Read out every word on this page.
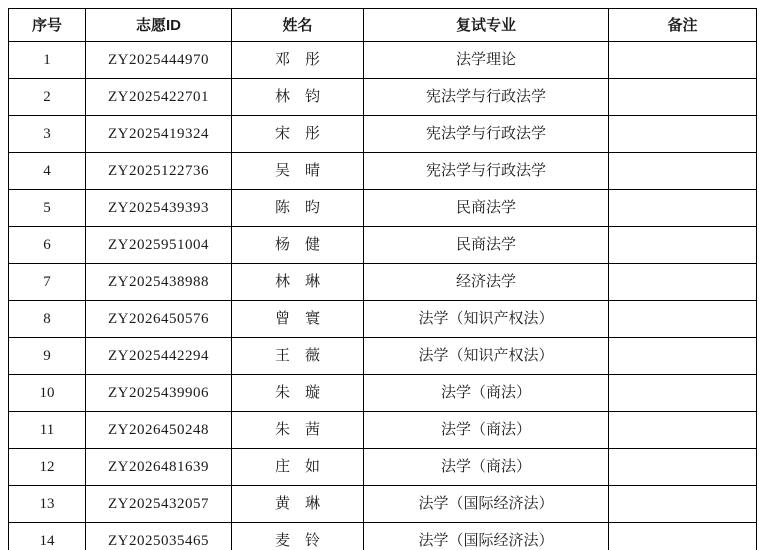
序号	志愿ID	姓名	复试专业	备注
1	ZY2025444970	邓　彤	法学理论	
2	ZY2025422701	林　钧	宪法学与行政法学	
3	ZY2025419324	宋　彤	宪法学与行政法学	
4	ZY2025122736	吴　晴	宪法学与行政法学	
5	ZY2025439393	陈　昀	民商法学	
6	ZY2025951004	杨　健	民商法学	
7	ZY2025438988	林　琳	经济法学	
8	ZY2026450576	曾　寰	法学（知识产权法）	
9	ZY2025442294	王　薇	法学（知识产权法）	
10	ZY2025439906	朱　璇	法学（商法）	
11	ZY2026450248	朱　茜	法学（商法）	
12	ZY2026481639	庄　如	法学（商法）	
13	ZY2025432057	黄　琳	法学（国际经济法）	
14	ZY2025035465	麦　铃	法学（国际经济法）	
